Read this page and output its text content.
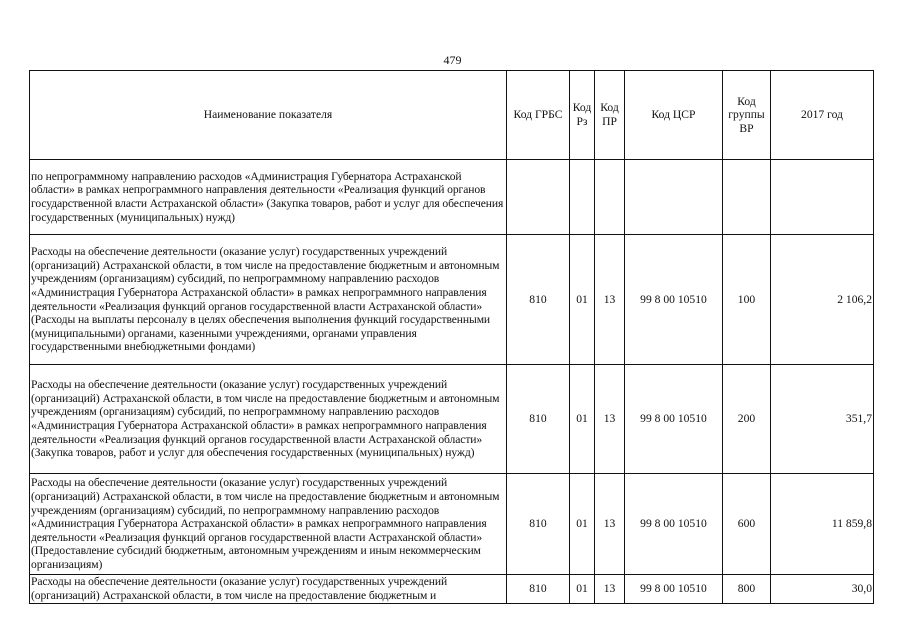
479
Наименование показателя	Код ГРБС	Код Рз	Код ПР	Код ЦСР	Код группы ВР	2017 год
по непрограммному направлению расходов «Администрация Губернатора Астраханской области» в рамках непрограммного направления деятельности «Реализация функций органов государственной власти Астраханской области» (Закупка товаров, работ и услуг для обеспечения государственных (муниципальных) нужд)						
Расходы на обеспечение деятельности (оказание услуг) государственных учреждений (организаций) Астраханской области, в том числе на предоставление бюджетным и автономным учреждениям (организациям) субсидий, по непрограммному направлению расходов «Администрация Губернатора Астраханской области» в рамках непрограммного направления деятельности «Реализация функций органов государственной власти Астраханской области» (Расходы на выплаты персоналу в целях обеспечения выполнения функций государственными (муниципальными) органами, казенными учреждениями, органами управления государственными внебюджетными фондами)	810	01	13	99 8 00 10510	100	2 106,2
Расходы на обеспечение деятельности (оказание услуг) государственных учреждений (организаций) Астраханской области, в том числе на предоставление бюджетным и автономным учреждениям (организациям) субсидий, по непрограммному направлению расходов «Администрация Губернатора Астраханской области» в рамках непрограммного направления деятельности «Реализация функций органов государственной власти Астраханской области» (Закупка товаров, работ и услуг для обеспечения государственных (муниципальных) нужд)	810	01	13	99 8 00 10510	200	351,7
Расходы на обеспечение деятельности (оказание услуг) государственных учреждений (организаций) Астраханской области, в том числе на предоставление бюджетным и автономным учреждениям (организациям) субсидий, по непрограммному направлению расходов «Администрация Губернатора Астраханской области» в рамках непрограммного направления деятельности «Реализация функций органов государственной власти Астраханской области» (Предоставление субсидий бюджетным, автономным учреждениям и иным некоммерческим организациям)	810	01	13	99 8 00 10510	600	11 859,8
Расходы на обеспечение деятельности (оказание услуг) государственных учреждений (организаций) Астраханской области, в том числе на предоставление бюджетным и	810	01	13	99 8 00 10510	800	30,0
